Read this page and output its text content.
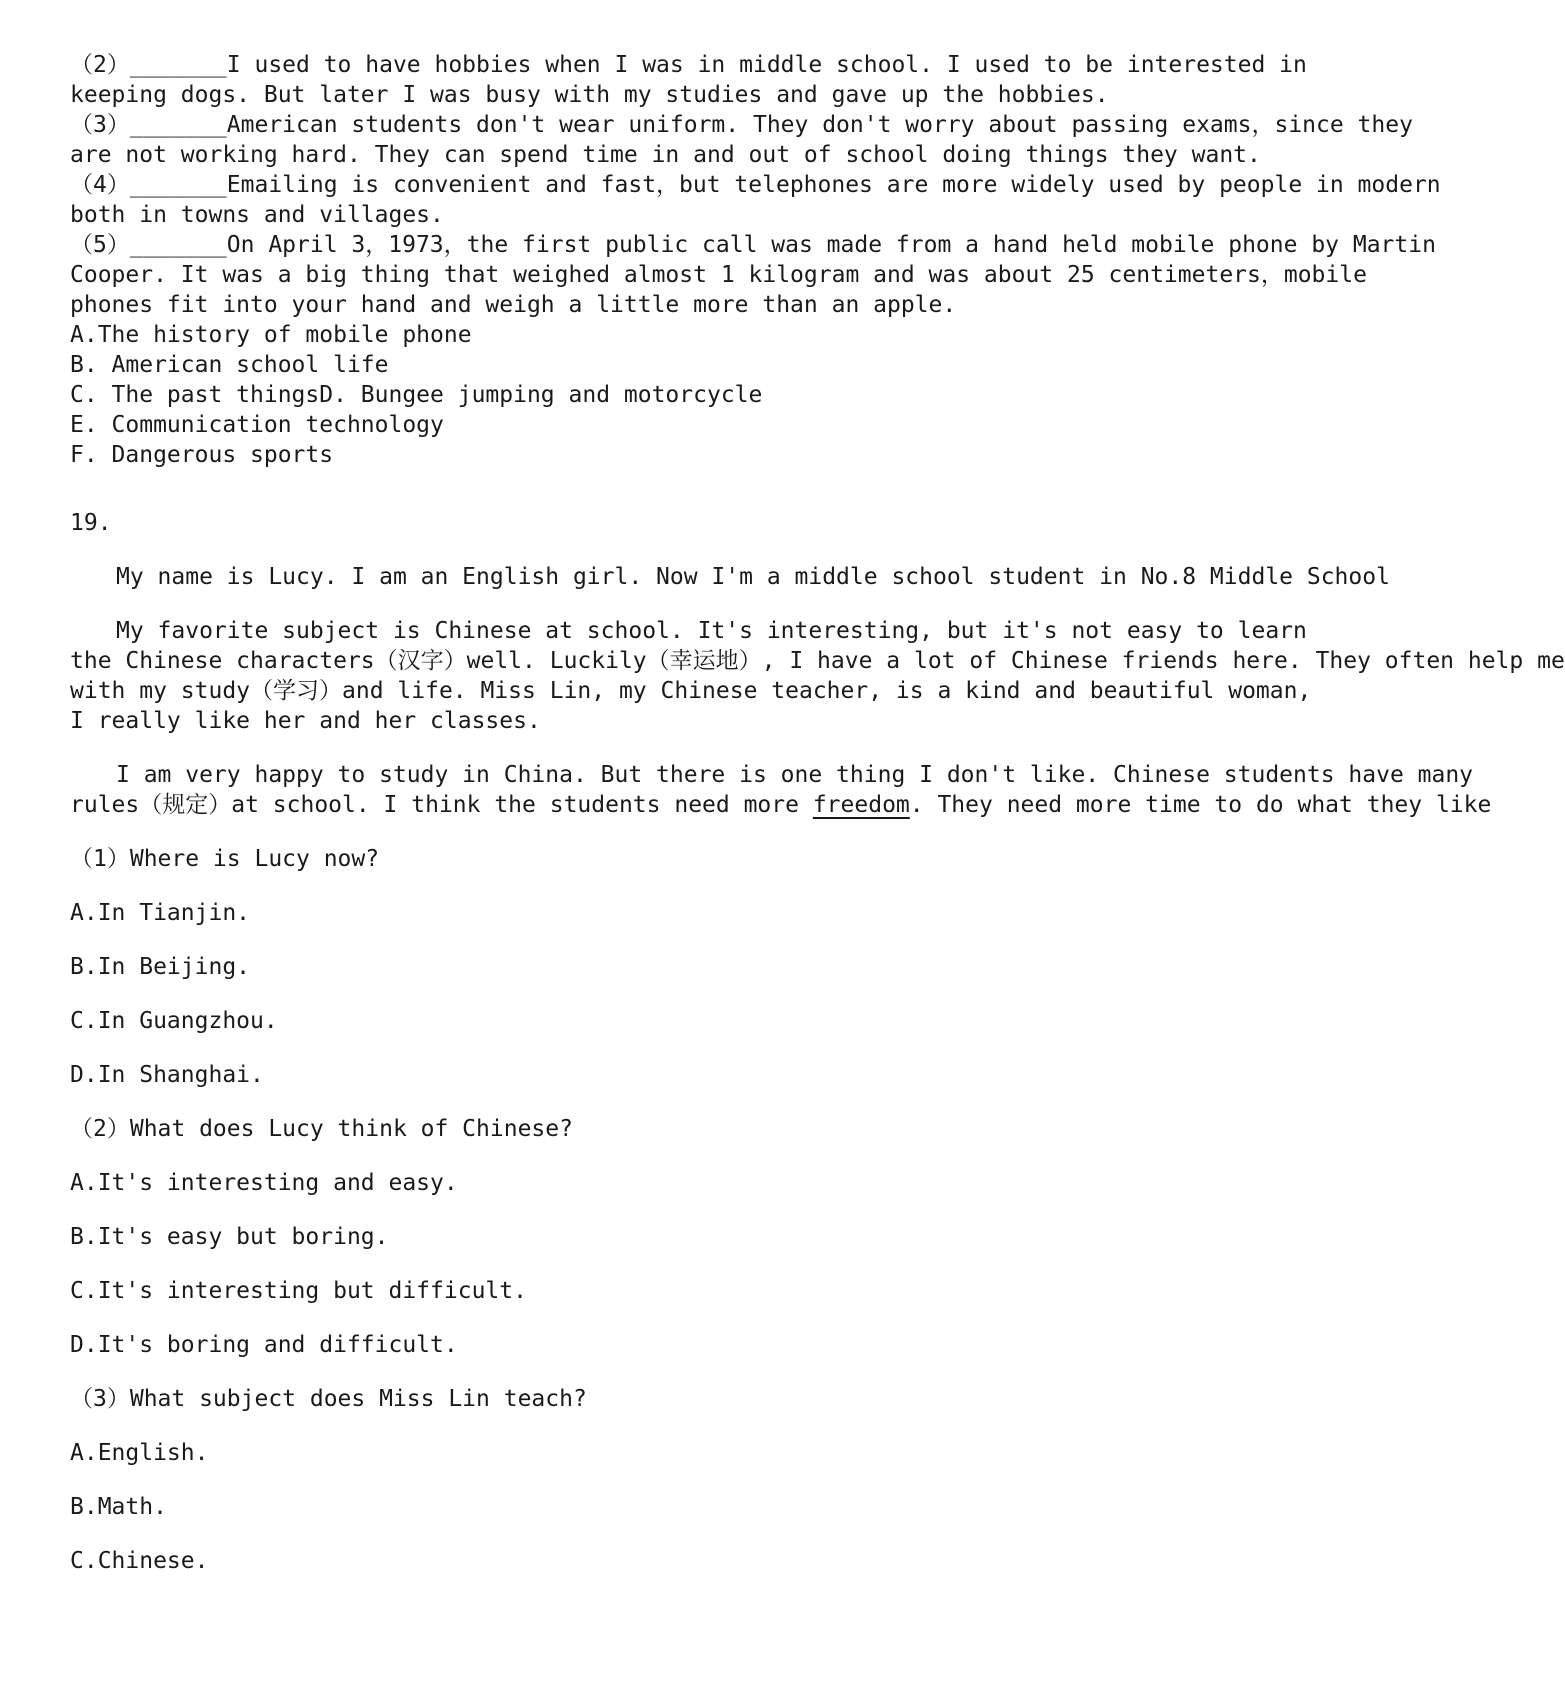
（2）_______I used to have hobbies when I was in middle school. I used to be interested in
keeping dogs. But later I was busy with my studies and gave up the hobbies.
（3）_______American students don't wear uniform. They don't worry about passing exams，since they
are not working hard. They can spend time in and out of school doing things they want.
（4）_______Emailing is convenient and fast，but telephones are more widely used by people in modern
both in towns and villages.
（5）_______On April 3，1973，the first public call was made from a hand held mobile phone by Martin
Cooper. It was a big thing that weighed almost 1 kilogram and was about 25 centimeters，mobile
phones fit into your hand and weigh a little more than an apple.
A.The history of mobile phone
B. American school life
C. The past thingsD. Bungee jumping and motorcycle
E. Communication technology
F. Dangerous sports
19.
My name is Lucy. I am an English girl. Now I'm a middle school student in No.8 Middle School
My favorite subject is Chinese at school. It's interesting, but it's not easy to learn
the Chinese characters（汉字）well. Luckily（幸运地）, I have a lot of Chinese friends here. They often help me
with my study（学习）and life. Miss Lin, my Chinese teacher, is a kind and beautiful woman,
I really like her and her classes.
I am very happy to study in China. But there is one thing I don't like. Chinese students have many
rules（规定）at school. I think the students need more freedom. They need more time to do what they like
（1）Where is Lucy now?
A.In Tianjin.
B.In Beijing.
C.In Guangzhou.
D.In Shanghai.
（2）What does Lucy think of Chinese?
A.It's interesting and easy.
B.It's easy but boring.
C.It's interesting but difficult.
D.It's boring and difficult.
（3）What subject does Miss Lin teach?
A.English.
B.Math.
C.Chinese.
